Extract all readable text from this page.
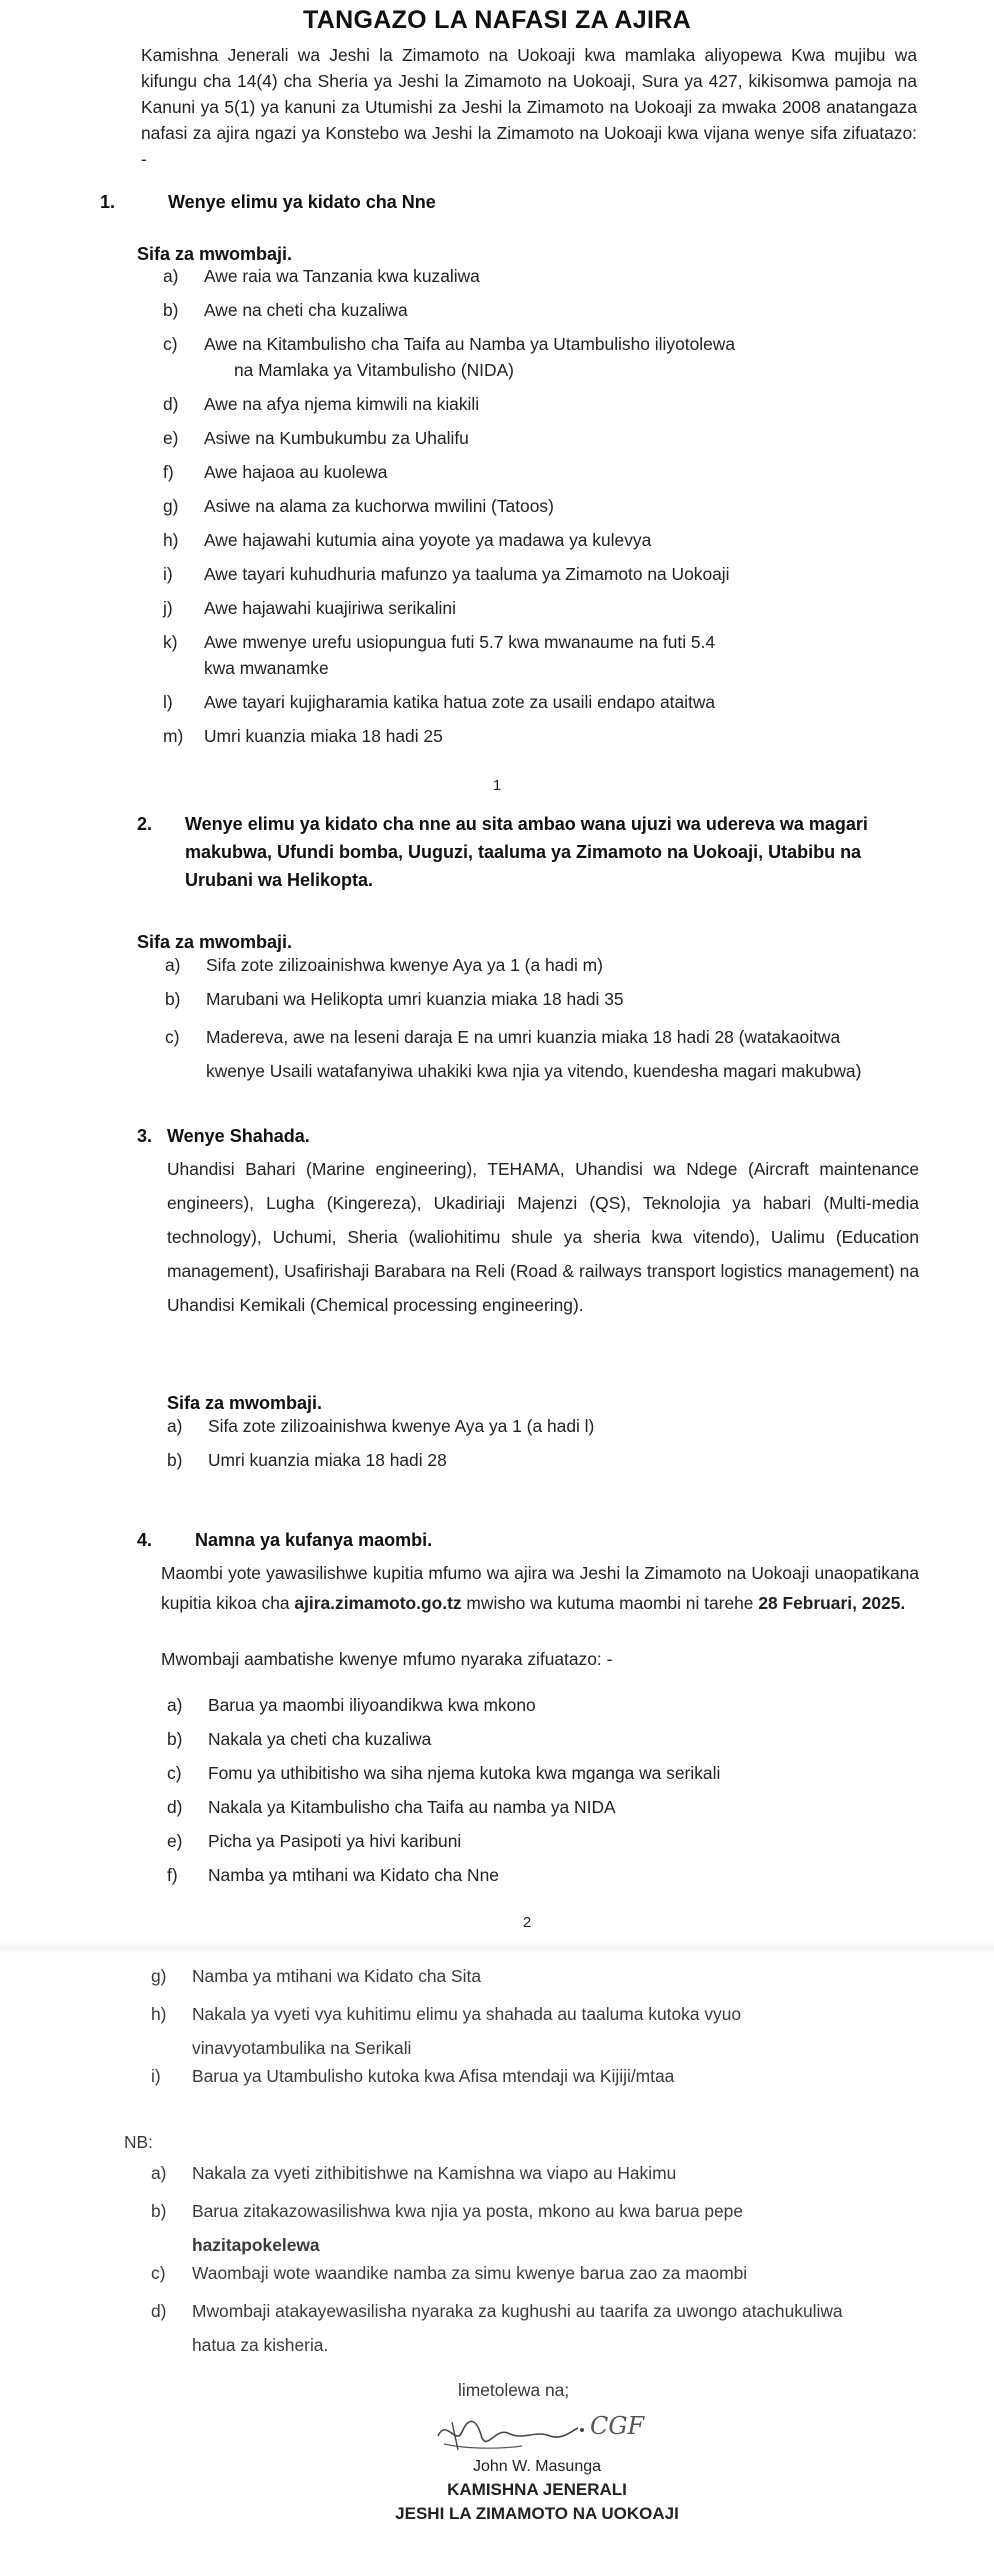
TANGAZO LA NAFASI ZA AJIRA
Kamishna Jenerali wa Jeshi la Zimamoto na Uokoaji kwa mamlaka aliyopewa Kwa mujibu wa kifungu cha 14(4) cha Sheria ya Jeshi la Zimamoto na Uokoaji, Sura ya 427, kikisomwa pamoja na Kanuni ya 5(1) ya kanuni za Utumishi za Jeshi la Zimamoto na Uokoaji za mwaka 2008 anatangaza nafasi za ajira ngazi ya Konstebo wa Jeshi la Zimamoto na Uokoaji kwa vijana wenye sifa zifuatazo: -
1.	Wenye elimu ya kidato cha Nne
Sifa za mwombaji.
a) Awe raia wa Tanzania kwa kuzaliwa
b) Awe na cheti cha kuzaliwa
c) Awe na Kitambulisho cha Taifa au Namba ya Utambulisho iliyotolewa
na Mamlaka ya Vitambulisho (NIDA)
d) Awe na afya njema kimwili na kiakili
e) Asiwe na Kumbukumbu za Uhalifu
f) Awe hajaoa au kuolewa
g) Asiwe na alama za kuchorwa mwilini (Tatoos)
h) Awe hajawahi kutumia aina yoyote ya madawa ya kulevya
i) Awe tayari kuhudhuria mafunzo ya taaluma ya Zimamoto na Uokoaji
j) Awe hajawahi kuajiriwa serikalini
k) Awe mwenye urefu usiopungua futi 5.7 kwa mwanaume na futi 5.4
kwa mwanamke
l) Awe tayari kujigharamia katika hatua zote za usaili endapo ataitwa
m) Umri kuanzia miaka 18 hadi 25
1
2. Wenye elimu ya kidato cha nne au sita ambao wana ujuzi wa udereva wa magari
makubwa, Ufundi bomba, Uuguzi, taaluma ya Zimamoto na Uokoaji, Utabibu na
Urubani wa Helikopta.
Sifa za mwombaji.
a) Sifa zote zilizoainishwa kwenye Aya ya 1 (a hadi m)
b) Marubani wa Helikopta umri kuanzia miaka 18 hadi 35
c) Madereva, awe na leseni daraja E na umri kuanzia miaka 18 hadi 28 (watakaoitwa
kwenye Usaili watafanyiwa uhakiki kwa njia ya vitendo, kuendesha magari makubwa)
3. Wenye Shahada.
Uhandisi Bahari (Marine engineering), TEHAMA, Uhandisi wa Ndege (Aircraft maintenance engineers), Lugha (Kingereza), Ukadiriaji Majenzi (QS), Teknolojia ya habari (Multi-media technology), Uchumi, Sheria (waliohitimu shule ya sheria kwa vitendo), Ualimu (Education management), Usafirishaji Barabara na Reli (Road & railways transport logistics management) na Uhandisi Kemikali (Chemical processing engineering).
Sifa za mwombaji.
a) Sifa zote zilizoainishwa kwenye Aya ya 1 (a hadi l)
b) Umri kuanzia miaka 18 hadi 28
4. Namna ya kufanya maombi.
Maombi yote yawasilishwe kupitia mfumo wa ajira wa Jeshi la Zimamoto na Uokoaji unaopatikana kupitia kikoa cha ajira.zimamoto.go.tz mwisho wa kutuma maombi ni tarehe 28 Februari, 2025.
Mwombaji aambatishe kwenye mfumo nyaraka zifuatazo: -
a) Barua ya maombi iliyoandikwa kwa mkono
b) Nakala ya cheti cha kuzaliwa
c) Fomu ya uthibitisho wa siha njema kutoka kwa mganga wa serikali
d) Nakala ya Kitambulisho cha Taifa au namba ya NIDA
e) Picha ya Pasipoti ya hivi karibuni
f) Namba ya mtihani wa Kidato cha Nne
2
g) Namba ya mtihani wa Kidato cha Sita
h) Nakala ya vyeti vya kuhitimu elimu ya shahada au taaluma kutoka vyuo
vinavyotambulika na Serikali
i) Barua ya Utambulisho kutoka kwa Afisa mtendaji wa Kijiji/mtaa
NB:
a) Nakala za vyeti zithibitishwe na Kamishna wa viapo au Hakimu
b) Barua zitakazowasilishwa kwa njia ya posta, mkono au kwa barua pepe
hazitapokelewa
c) Waombaji wote waandike namba za simu kwenye barua zao za maombi
d) Mwombaji atakayewasilisha nyaraka za kughushi au taarifa za uwongo atachukuliwa
hatua za kisheria.
limetolewa na;
CGF
John W. Masunga
KAMISHNA JENERALI
JESHI LA ZIMAMOTO NA UOKOAJI
